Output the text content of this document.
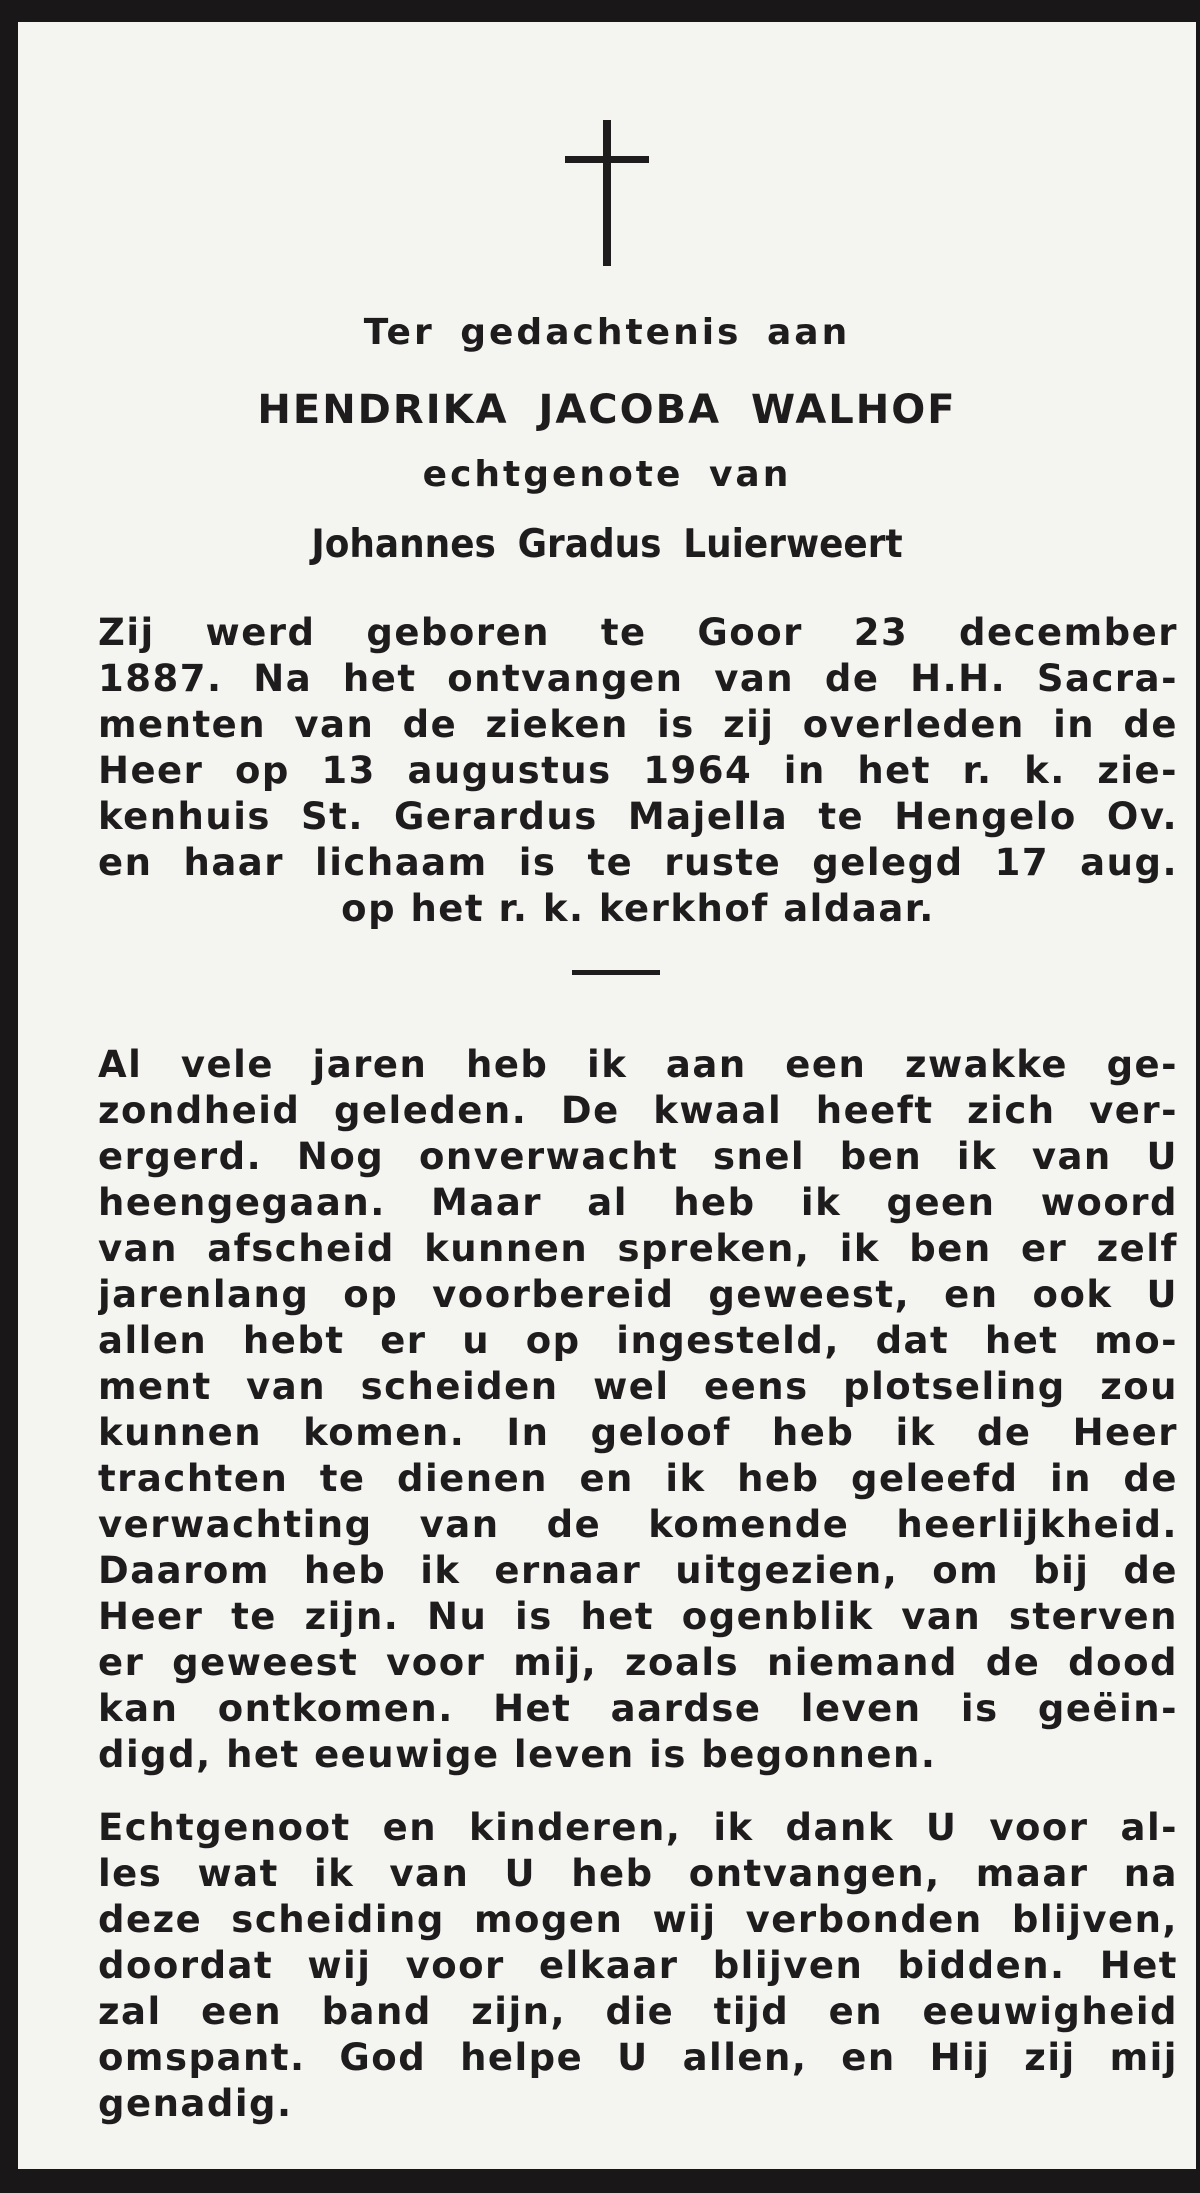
Ter gedachtenis aan
HENDRIKA JACOBA WALHOF
echtgenote van
Johannes Gradus Luierweert
Zij werd geboren te Goor 23 december
1887. Na het ontvangen van de H.H. Sacra-
menten van de zieken is zij overleden in de
Heer op 13 augustus 1964 in het r. k. zie-
kenhuis St. Gerardus Majella te Hengelo Ov.
en haar lichaam is te ruste gelegd 17 aug.
op het r. k. kerkhof aldaar.
Al vele jaren heb ik aan een zwakke ge-
zondheid geleden. De kwaal heeft zich ver-
ergerd. Nog onverwacht snel ben ik van U
heengegaan. Maar al heb ik geen woord
van afscheid kunnen spreken, ik ben er zelf
jarenlang op voorbereid geweest, en ook U
allen hebt er u op ingesteld, dat het mo-
ment van scheiden wel eens plotseling zou
kunnen komen. In geloof heb ik de Heer
trachten te dienen en ik heb geleefd in de
verwachting van de komende heerlijkheid.
Daarom heb ik ernaar uitgezien, om bij de
Heer te zijn. Nu is het ogenblik van sterven
er geweest voor mij, zoals niemand de dood
kan ontkomen. Het aardse leven is geëin-
digd, het eeuwige leven is begonnen.
Echtgenoot en kinderen, ik dank U voor al-
les wat ik van U heb ontvangen, maar na
deze scheiding mogen wij verbonden blijven,
doordat wij voor elkaar blijven bidden. Het
zal een band zijn, die tijd en eeuwigheid
omspant. God helpe U allen, en Hij zij mij
genadig.
